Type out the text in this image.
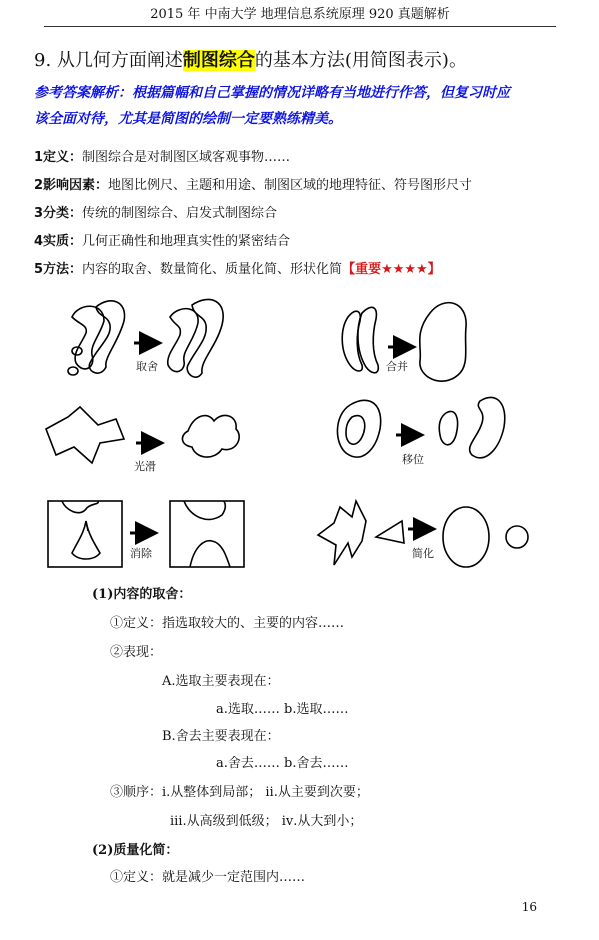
2015 年 中南大学 地理信息系统原理 920 真题解析
9. 从几何方面阐述制图综合的基本方法(用简图表示)。
参考答案解析：根据篇幅和自己掌握的情况详略有当地进行作答，但复习时应
该全面对待，尤其是简图的绘制一定要熟练精美。
1定义：制图综合是对制图区域客观事物……
2影响因素：地图比例尺、主题和用途、制图区域的地理特征、符号图形尺寸
3分类：传统的制图综合、启发式制图综合
4实质：几何正确性和地理真实性的紧密结合
5方法：内容的取舍、数量简化、质量化简、形状化简【重要★★★★】
取舍	合并
光滑
移位
消除	简化
(1)内容的取舍：
①定义：指选取较大的、主要的内容……
②表现：
A.选取主要表现在：
a.选取…… b.选取……
B.舍去主要表现在：
a.舍去…… b.舍去……
③顺序：ⅰ.从整体到局部； ⅱ.从主要到次要；
ⅲ.从高级到低级； ⅳ.从大到小；
(2)质量化简：
①定义：就是减少一定范围内……
16
